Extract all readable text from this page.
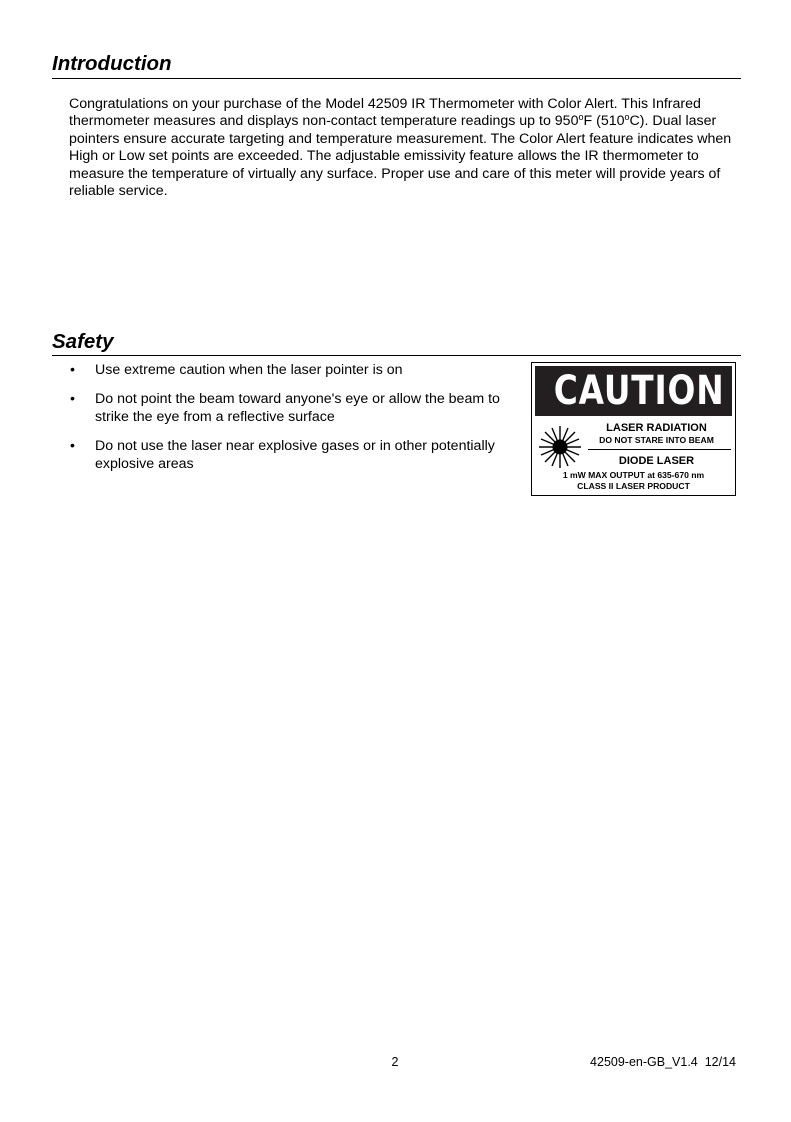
Introduction

Congratulations on your purchase of the Model 42509 IR Thermometer with Color Alert. This Infrared thermometer measures and displays non-contact temperature readings up to 950$^o$F (510$^o$C). Dual laser pointers ensure accurate targeting and temperature measurement. The Color Alert feature indicates when High or Low set points are exceeded. The adjustable emissivity feature allows the IR thermometer to measure the temperature of virtually any surface. Proper use and care of this meter will provide years of reliable service.

Safety
• Use extreme caution when the laser pointer is on
• Do not point the beam toward anyone's eye or allow the beam to strike the eye from a reflective surface
• Do not use the laser near explosive gases or in other potentially explosive areas
CAUTION
LASER RADIATION
DO NOT STARE INTO BEAM
DIODE LASER
1 mW MAX OUTPUT at 635-670 nm
CLASS II LASER PRODUCT
2	42509-en-GB_V1.4  12/14
